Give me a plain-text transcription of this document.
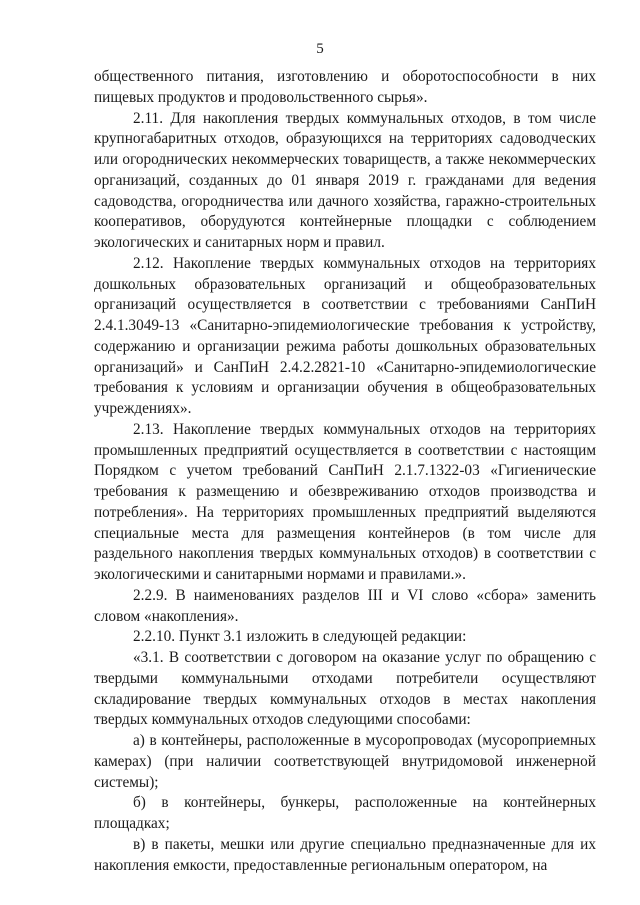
5

общественного питания, изготовлению и оборотоспособности в них пищевых продуктов и продовольственного сырья».

2.11. Для накопления твердых коммунальных отходов, в том числе крупногабаритных отходов, образующихся на территориях садоводческих или огороднических некоммерческих товариществ, а также некоммерческих организаций, созданных до 01 января 2019 г. гражданами для ведения садоводства, огородничества или дачного хозяйства, гаражно-строительных кооперативов, оборудуются контейнерные площадки с соблюдением экологических и санитарных норм и правил.

2.12. Накопление твердых коммунальных отходов на территориях дошкольных образовательных организаций и общеобразовательных организаций осуществляется в соответствии с требованиями СанПиН 2.4.1.3049-13 «Санитарно-эпидемиологические требования к устройству, содержанию и организации режима работы дошкольных образовательных организаций» и СанПиН 2.4.2.2821-10 «Санитарно-эпидемиологические требования к условиям и организации обучения в общеобразовательных учреждениях».

2.13. Накопление твердых коммунальных отходов на территориях промышленных предприятий осуществляется в соответствии с настоящим Порядком с учетом требований СанПиН 2.1.7.1322-03 «Гигиенические требования к размещению и обезвреживанию отходов производства и потребления». На территориях промышленных предприятий выделяются специальные места для размещения контейнеров (в том числе для раздельного накопления твердых коммунальных отходов) в соответствии с экологическими и санитарными нормами и правилами.».

2.2.9. В наименованиях разделов III и VI слово «сбора» заменить словом «накопления».

2.2.10. Пункт 3.1 изложить в следующей редакции:

«3.1. В соответствии с договором на оказание услуг по обращению с твердыми коммунальными отходами потребители осуществляют складирование твердых коммунальных отходов в местах накопления твердых коммунальных отходов следующими способами:

а) в контейнеры, расположенные в мусоропроводах (мусороприемных камерах) (при наличии соответствующей внутридомовой инженерной системы);

б) в контейнеры, бункеры, расположенные на контейнерных площадках;

в) в пакеты, мешки или другие специально предназначенные для их накопления емкости, предоставленные региональным оператором, на
